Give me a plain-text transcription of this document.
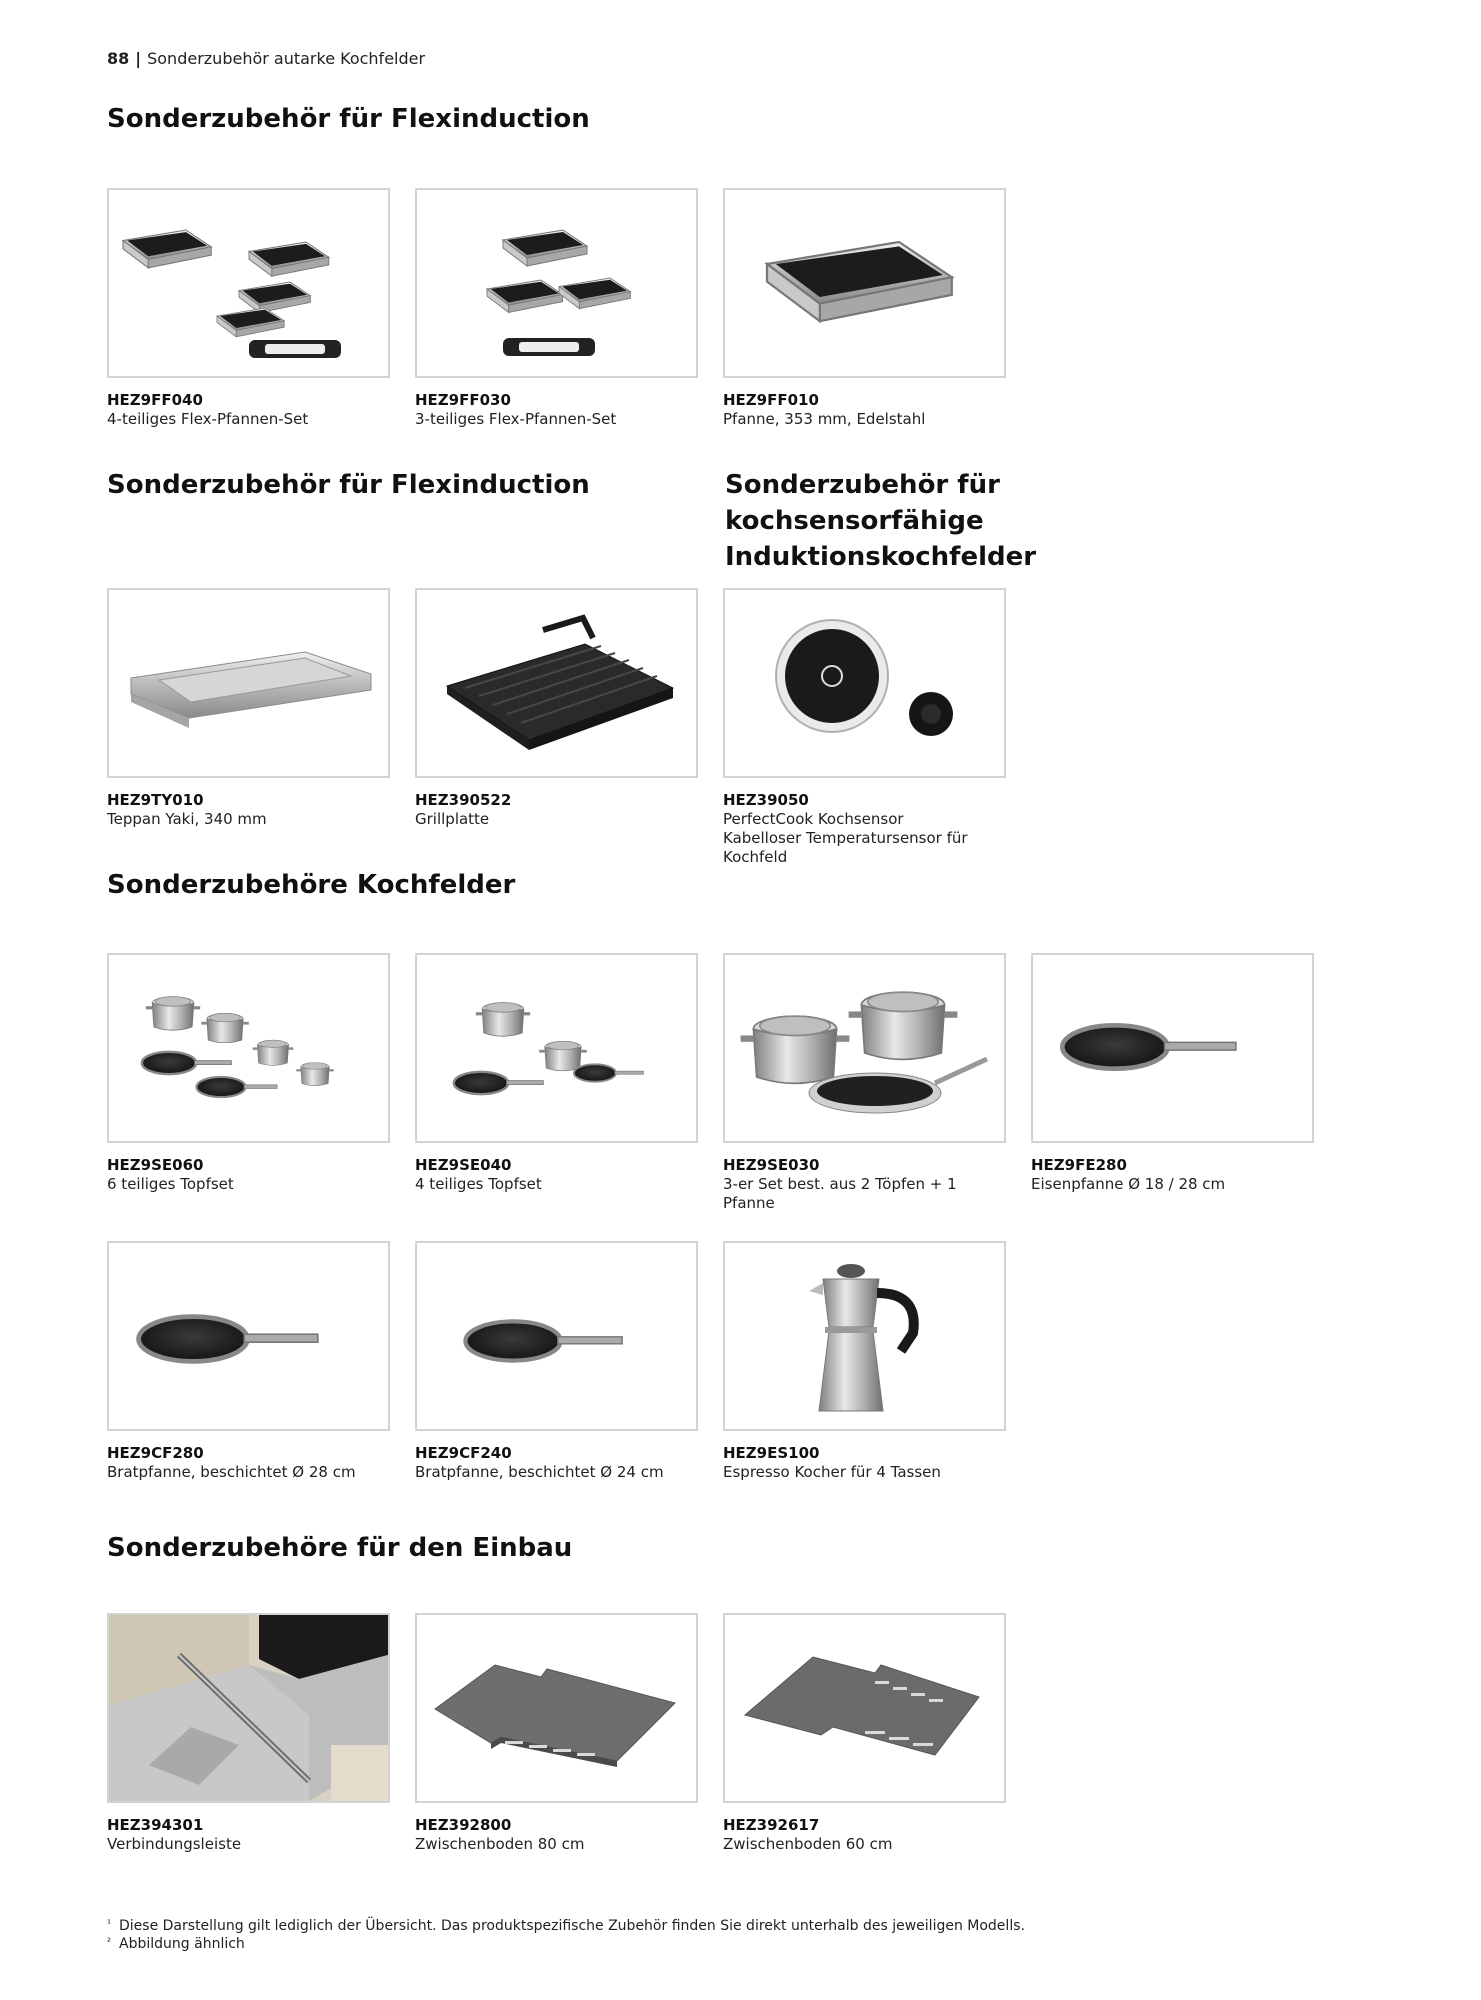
88 | Sonderzubehör autarke Kochfelder
Sonderzubehör für Flexinduction
Sonderzubehör für Flexinduction	Sonderzubehör für kochsensorfähige Induktionskochfelder
Sonderzubehöre Kochfelder
Sonderzubehöre für den Einbau
HEZ9FF040
4-teiliges Flex-Pfannen-Set
HEZ9FF030
3-teiliges Flex-Pfannen-Set
HEZ9FF010
Pfanne, 353 mm, Edelstahl
HEZ9TY010
Teppan Yaki, 340 mm
HEZ390522
Grillplatte
HEZ39050
PerfectCook Kochsensor
Kabelloser Temperatursensor für Kochfeld
HEZ9SE060
6 teiliges Topfset
HEZ9SE040
4 teiliges Topfset
HEZ9SE030
3-er Set best. aus 2 Töpfen + 1 Pfanne
HEZ9FE280
Eisenpfanne Ø 18 / 28 cm
HEZ9CF280
Bratpfanne, beschichtet Ø 28 cm
HEZ9CF240
Bratpfanne, beschichtet Ø 24 cm
HEZ9ES100
Espresso Kocher für 4 Tassen
HEZ394301
Verbindungsleiste
HEZ392800
Zwischenboden 80 cm
HEZ392617
Zwischenboden 60 cm
$^{^1}$ Diese Darstellung gilt lediglich der Übersicht. Das produktspezifische Zubehör finden Sie direkt unterhalb des jeweiligen Modells.
$^{^2}$ Abbildung ähnlich
